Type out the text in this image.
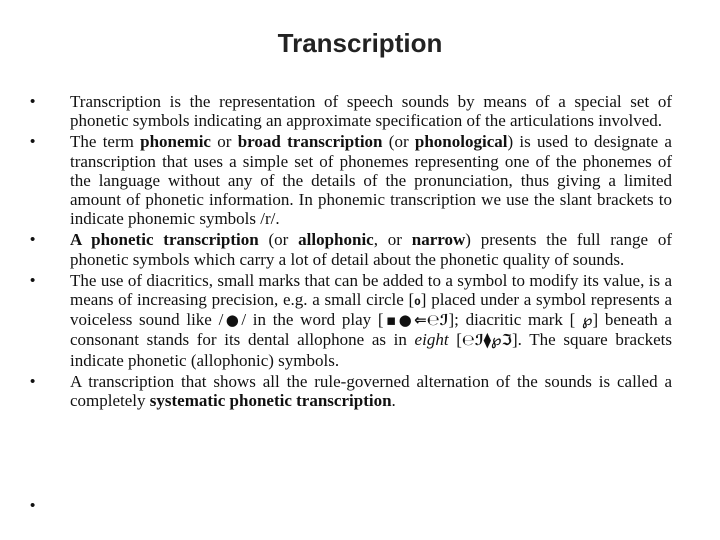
Transcription
•	Transcription is the representation of speech sounds by means of a special set of phonetic symbols indicating an approximate specification of the articulations involved.
•	The term phonemic or broad transcription (or phonological) is used to designate a transcription that uses a simple set of phonemes representing one of the phonemes of the language without any of the details of the pronunciation, thus giving a limited amount of phonetic information. In phonemic transcription we use the slant brackets to indicate phonemic symbols /r/.
•	A phonetic transcription (or allophonic, or narrow) presents the full range of phonetic symbols which carry a lot of detail about the phonetic quality of sounds.
•	The use of diacritics, small marks that can be added to a symbol to modify its value, is a means of increasing precision, e.g. a small circle [₀] placed under a symbol represents a voiceless sound like /●/ in the word play [▪●⇐℮ℐ]; diacritic mark [ ℘] beneath a consonant stands for its dental allophone as in eight [℮ℐ⧫℘ℑ]. The square brackets indicate phonetic (allophonic) symbols.
•	A transcription that shows all the rule-governed alternation of the sounds is called a completely systematic phonetic transcription.
•
